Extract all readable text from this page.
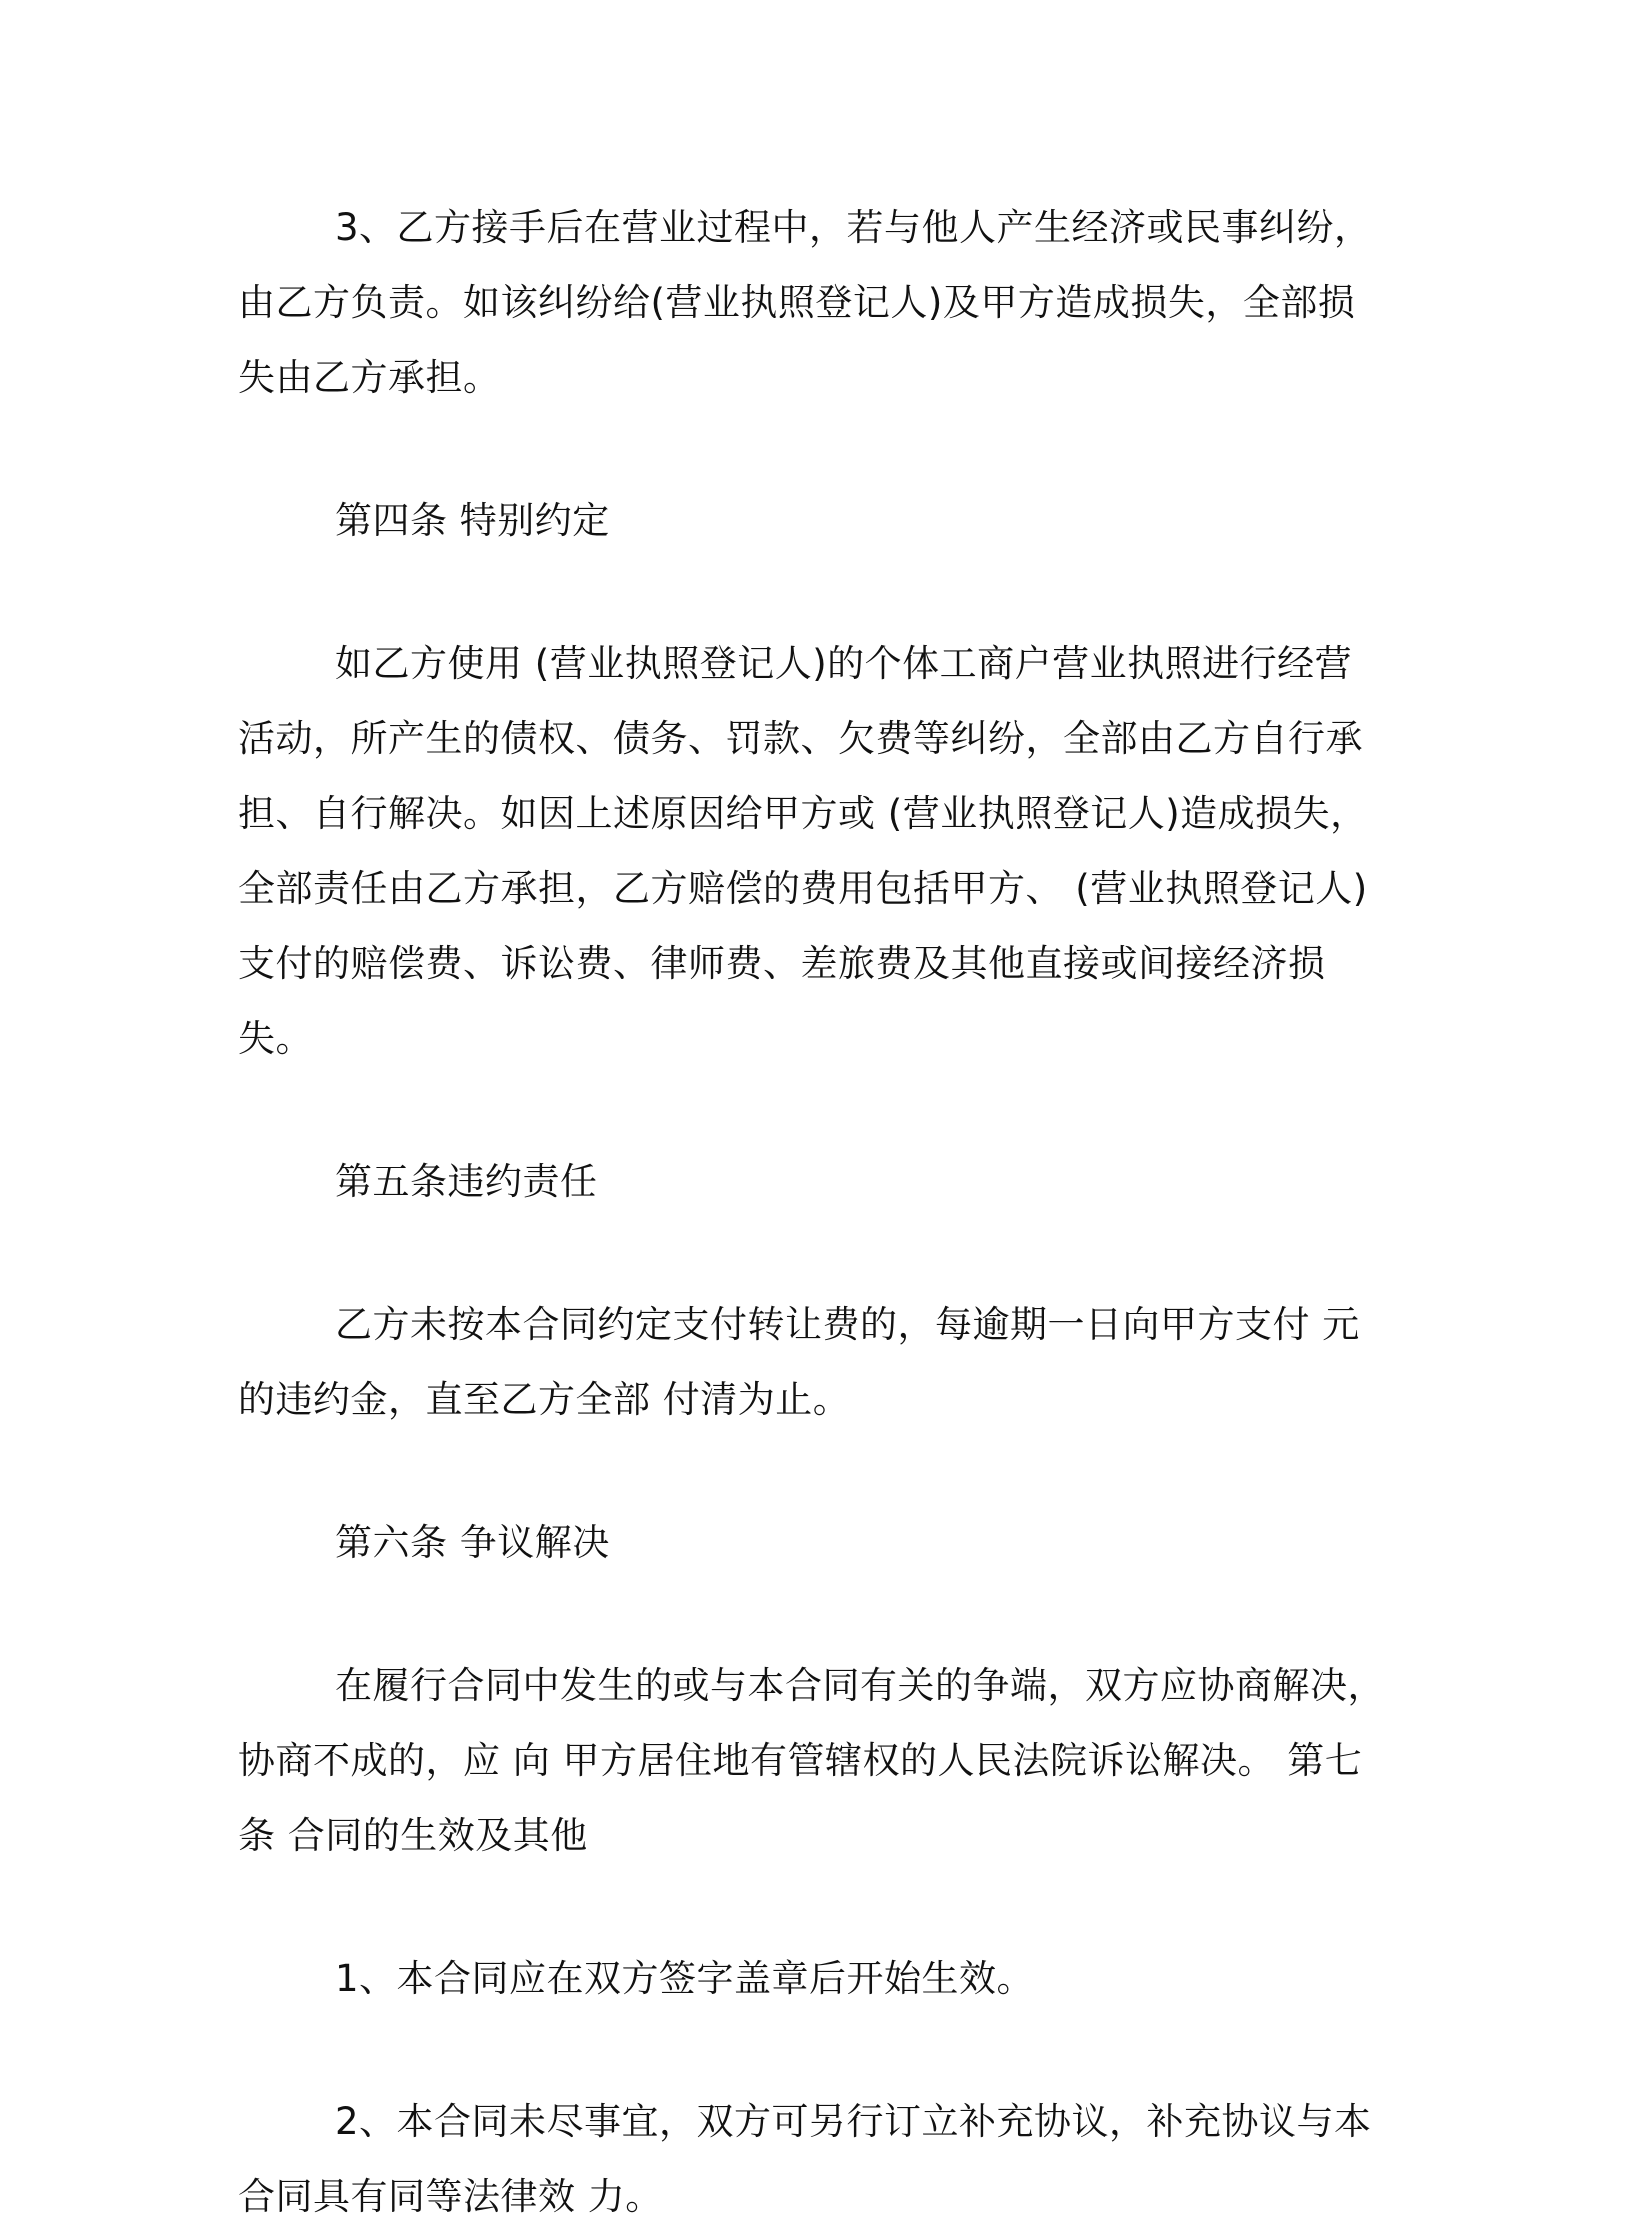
3、乙方接手后在营业过程中，若与他人产生经济或民事纠纷，由乙方负责。如该纠纷给(营业执照登记人)及甲方造成损失，全部损失由乙方承担。

第四条 特别约定

如乙方使用 (营业执照登记人)的个体工商户营业执照进行经营活动，所产生的债权、债务、罚款、欠费等纠纷，全部由乙方自行承担、自行解决。如因上述原因给甲方或 (营业执照登记人)造成损失，全部责任由乙方承担，乙方赔偿的费用包括甲方、 (营业执照登记人)支付的赔偿费、诉讼费、律师费、差旅费及其他直接或间接经济损失。

第五条违约责任

乙方未按本合同约定支付转让费的，每逾期一日向甲方支付 元的违约金，直至乙方全部 付清为止。

第六条 争议解决

在履行合同中发生的或与本合同有关的争端，双方应协商解决，协商不成的，应 向 甲方居住地有管辖权的人民法院诉讼解决。 第七条 合同的生效及其他

1、本合同应在双方签字盖章后开始生效。

2、本合同未尽事宜，双方可另行订立补充协议，补充协议与本合同具有同等法律效 力。
